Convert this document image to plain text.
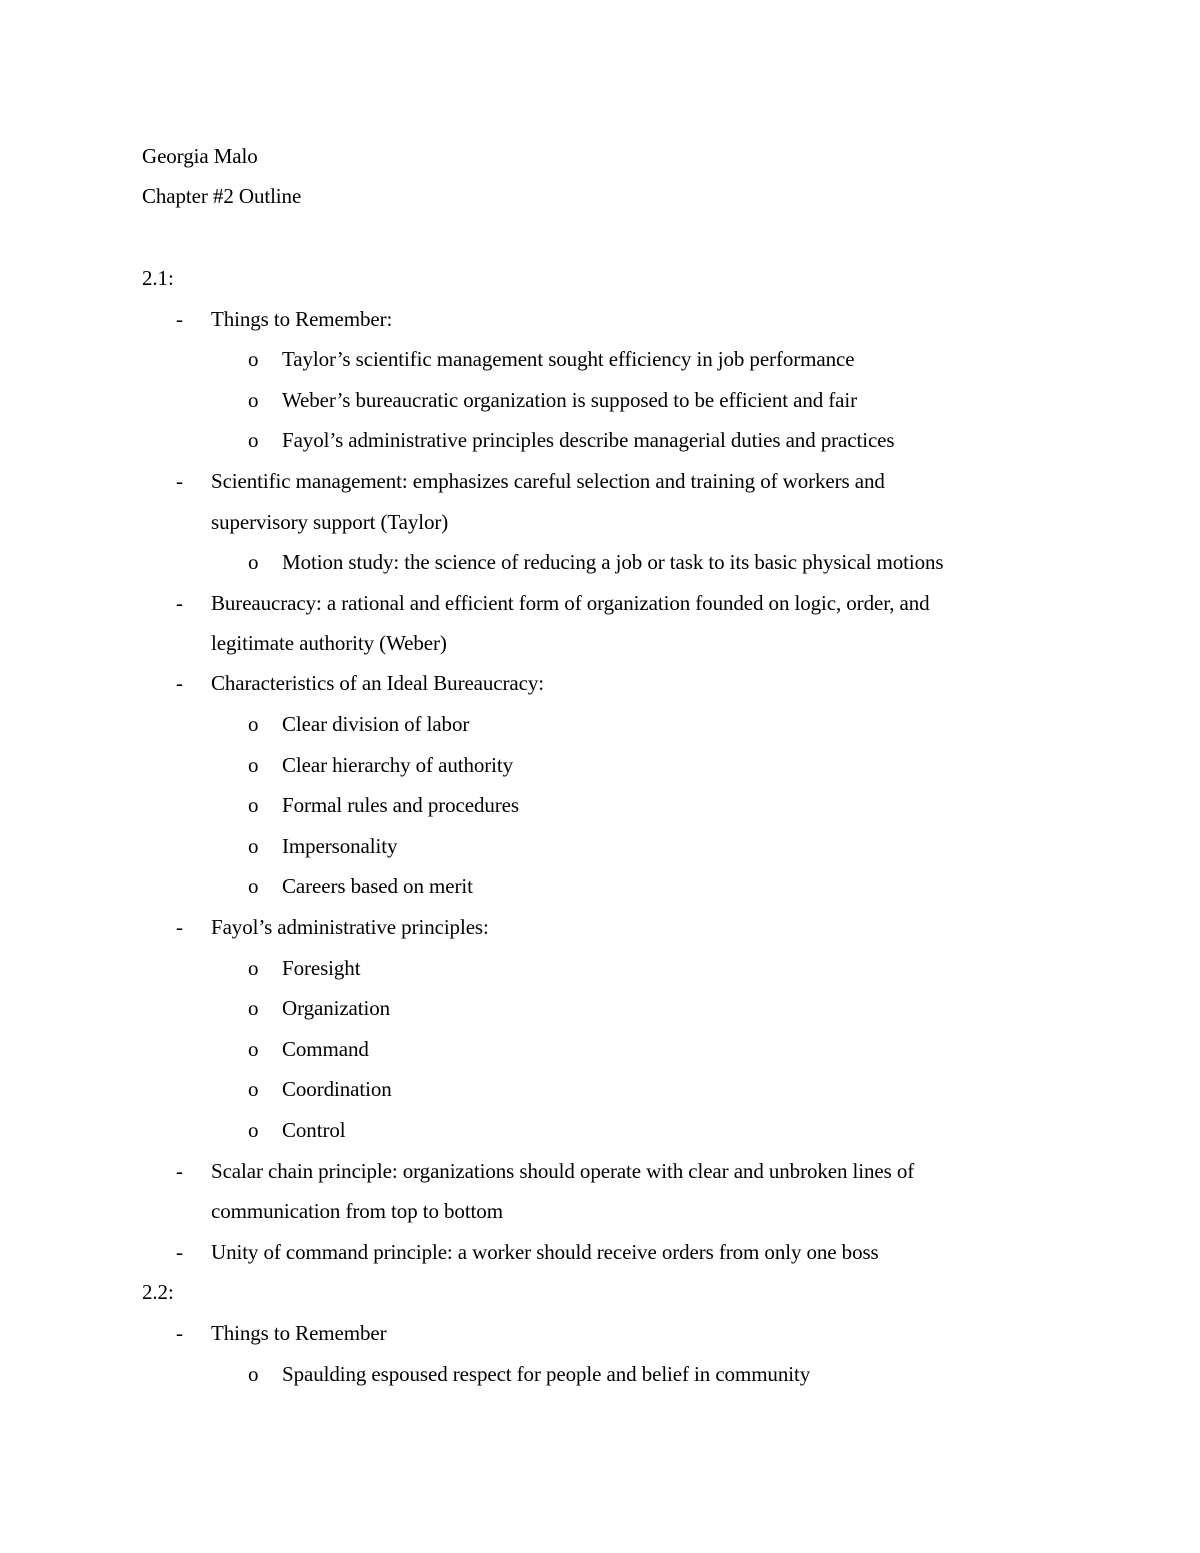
Georgia Malo
Chapter #2 Outline
2.1:
- Things to Remember:
o Taylor’s scientific management sought efficiency in job performance
o Weber’s bureaucratic organization is supposed to be efficient and fair
o Fayol’s administrative principles describe managerial duties and practices
- Scientific management: emphasizes careful selection and training of workers and
supervisory support (Taylor)
o Motion study: the science of reducing a job or task to its basic physical motions
- Bureaucracy: a rational and efficient form of organization founded on logic, order, and
legitimate authority (Weber)
- Characteristics of an Ideal Bureaucracy:
o Clear division of labor
o Clear hierarchy of authority
o Formal rules and procedures
o Impersonality
o Careers based on merit
- Fayol’s administrative principles:
o Foresight
o Organization
o Command
o Coordination
o Control
- Scalar chain principle: organizations should operate with clear and unbroken lines of
communication from top to bottom
- Unity of command principle: a worker should receive orders from only one boss
2.2:
- Things to Remember
o Spaulding espoused respect for people and belief in community
